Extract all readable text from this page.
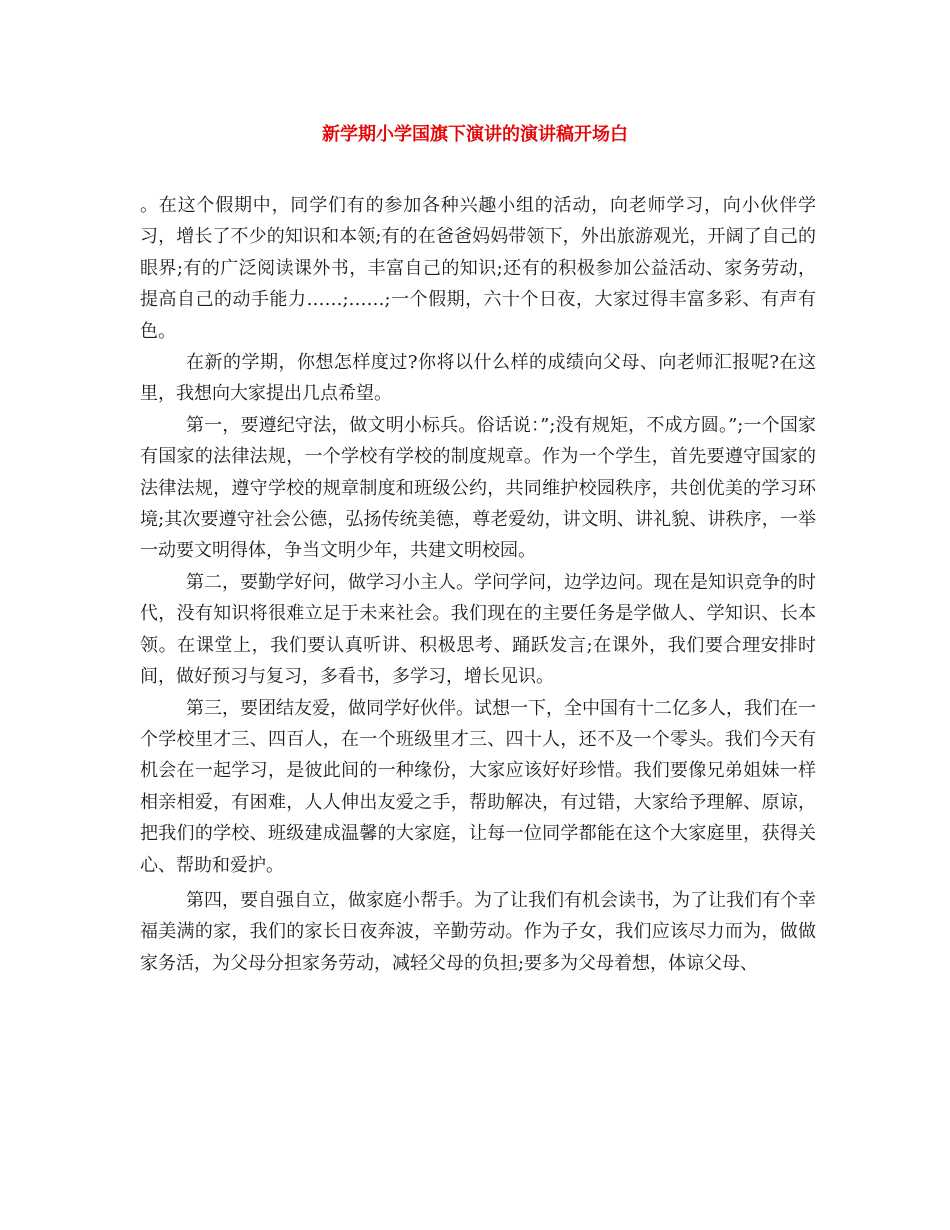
新学期小学国旗下演讲的演讲稿开场白

。在这个假期中，同学们有的参加各种兴趣小组的活动，向老师学习，向小伙伴学习，增长了不少的知识和本领;有的在爸爸妈妈带领下，外出旅游观光，开阔了自己的眼界;有的广泛阅读课外书，丰富自己的知识;还有的积极参加公益活动、家务劳动，提高自己的动手能力……;……;一个假期，六十个日夜，大家过得丰富多彩、有声有色。

在新的学期，你想怎样度过?你将以什么样的成绩向父母、向老师汇报呢?在这里，我想向大家提出几点希望。

第一，要遵纪守法，做文明小标兵。俗话说：”;没有规矩，不成方圆。”;一个国家有国家的法律法规，一个学校有学校的制度规章。作为一个学生，首先要遵守国家的法律法规，遵守学校的规章制度和班级公约，共同维护校园秩序，共创优美的学习环境;其次要遵守社会公德，弘扬传统美德，尊老爱幼，讲文明、讲礼貌、讲秩序，一举一动要文明得体，争当文明少年，共建文明校园。

第二，要勤学好问，做学习小主人。学问学问，边学边问。现在是知识竞争的时代，没有知识将很难立足于未来社会。我们现在的主要任务是学做人、学知识、长本领。在课堂上，我们要认真听讲、积极思考、踊跃发言;在课外，我们要合理安排时间，做好预习与复习，多看书，多学习，增长见识。

第三，要团结友爱，做同学好伙伴。试想一下，全中国有十二亿多人，我们在一个学校里才三、四百人，在一个班级里才三、四十人，还不及一个零头。我们今天有机会在一起学习，是彼此间的一种缘份，大家应该好好珍惜。我们要像兄弟姐妹一样相亲相爱，有困难，人人伸出友爱之手，帮助解决，有过错，大家给予理解、原谅，把我们的学校、班级建成温馨的大家庭，让每一位同学都能在这个大家庭里，获得关心、帮助和爱护。

第四，要自强自立，做家庭小帮手。为了让我们有机会读书，为了让我们有个幸福美满的家，我们的家长日夜奔波，辛勤劳动。作为子女，我们应该尽力而为，做做家务活，为父母分担家务劳动，减轻父母的负担;要多为父母着想，体谅父母、
